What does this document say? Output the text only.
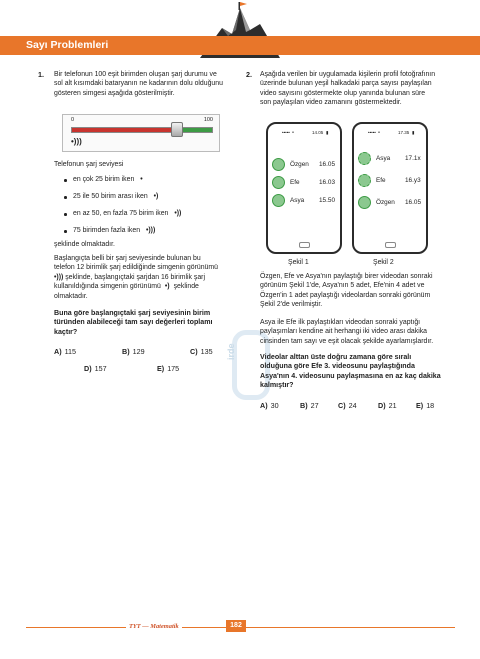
Sayı Problemleri
1. Bir telefonun 100 eşit birimden oluşan şarj durumu ve

sol alt kısımdaki bataryanın ne kadarının dolu olduğunu

gösteren simgesi aşağıda gösterilmiştir.

0	100
•)))
Telefonun şarj seviyesi
en çok 25 birim iken •
25 ile 50 birim arası iken •)
en az 50, en fazla 75 birim iken •))
75 birimden fazla iken •)))
şeklinde olmaktadır.

Başlangıçta belli bir şarj seviyesinde bulunan bu

telefon 12 birimlik şarj edildiğinde simgenin görünümü

•))) şeklinde, başlangıçtaki şarjdan 16 birimlik şarj

kullanıldığında simgenin görünümü •) şeklinde

olmaktadır.

Buna göre başlangıçtaki şarj seviyesinin birim

türünden alabileceği tam sayı değerleri toplamı

kaçtır?

A) 115	B) 129	C) 135
D) 157	E) 175
irde
2. Aşağıda verilen bir uygulamada kişilerin profil fotoğrafının

üzerinde bulunan yeşil halkadaki parça sayısı paylaşılan

video sayısını göstermekte olup yanında bulunan süre

son paylaşılan video zamanını göstermektedir.

••••• ⚬	14.05 ▮
Özgen 16.05
Efe	16.03
Asya 15.50
Şekil 1
••••• ⚬	17.35 ▮
Asya 17.1x
Efe	16.y3
Özgen 16.05
Şekil 2

Özgen, Efe ve Asya'nın paylaştığı birer videodan sonraki

görünüm Şekil 1'de, Asya'nın 5 adet, Efe'nin 4 adet ve

Özgen'in 1 adet paylaştığı videolardan sonraki görünüm

Şekil 2'de verilmiştir.

Asya ile Efe ilk paylaştıkları videodan sonraki yaptığı

paylaşımları kendine ait herhangi iki video arası dakika

cinsinden tam sayı ve eşit olacak şekilde ayarlamışlardır.

Videolar alttan üste doğru zamana göre sıralı

olduğuna göre Efe 3. videosunu paylaştığında

Asya'nın 4. videosunu paylaşmasına en az kaç dakika

kalmıştır?

A) 30	B) 27	C) 24	D) 21	E) 18
TYT — Matematik	182
